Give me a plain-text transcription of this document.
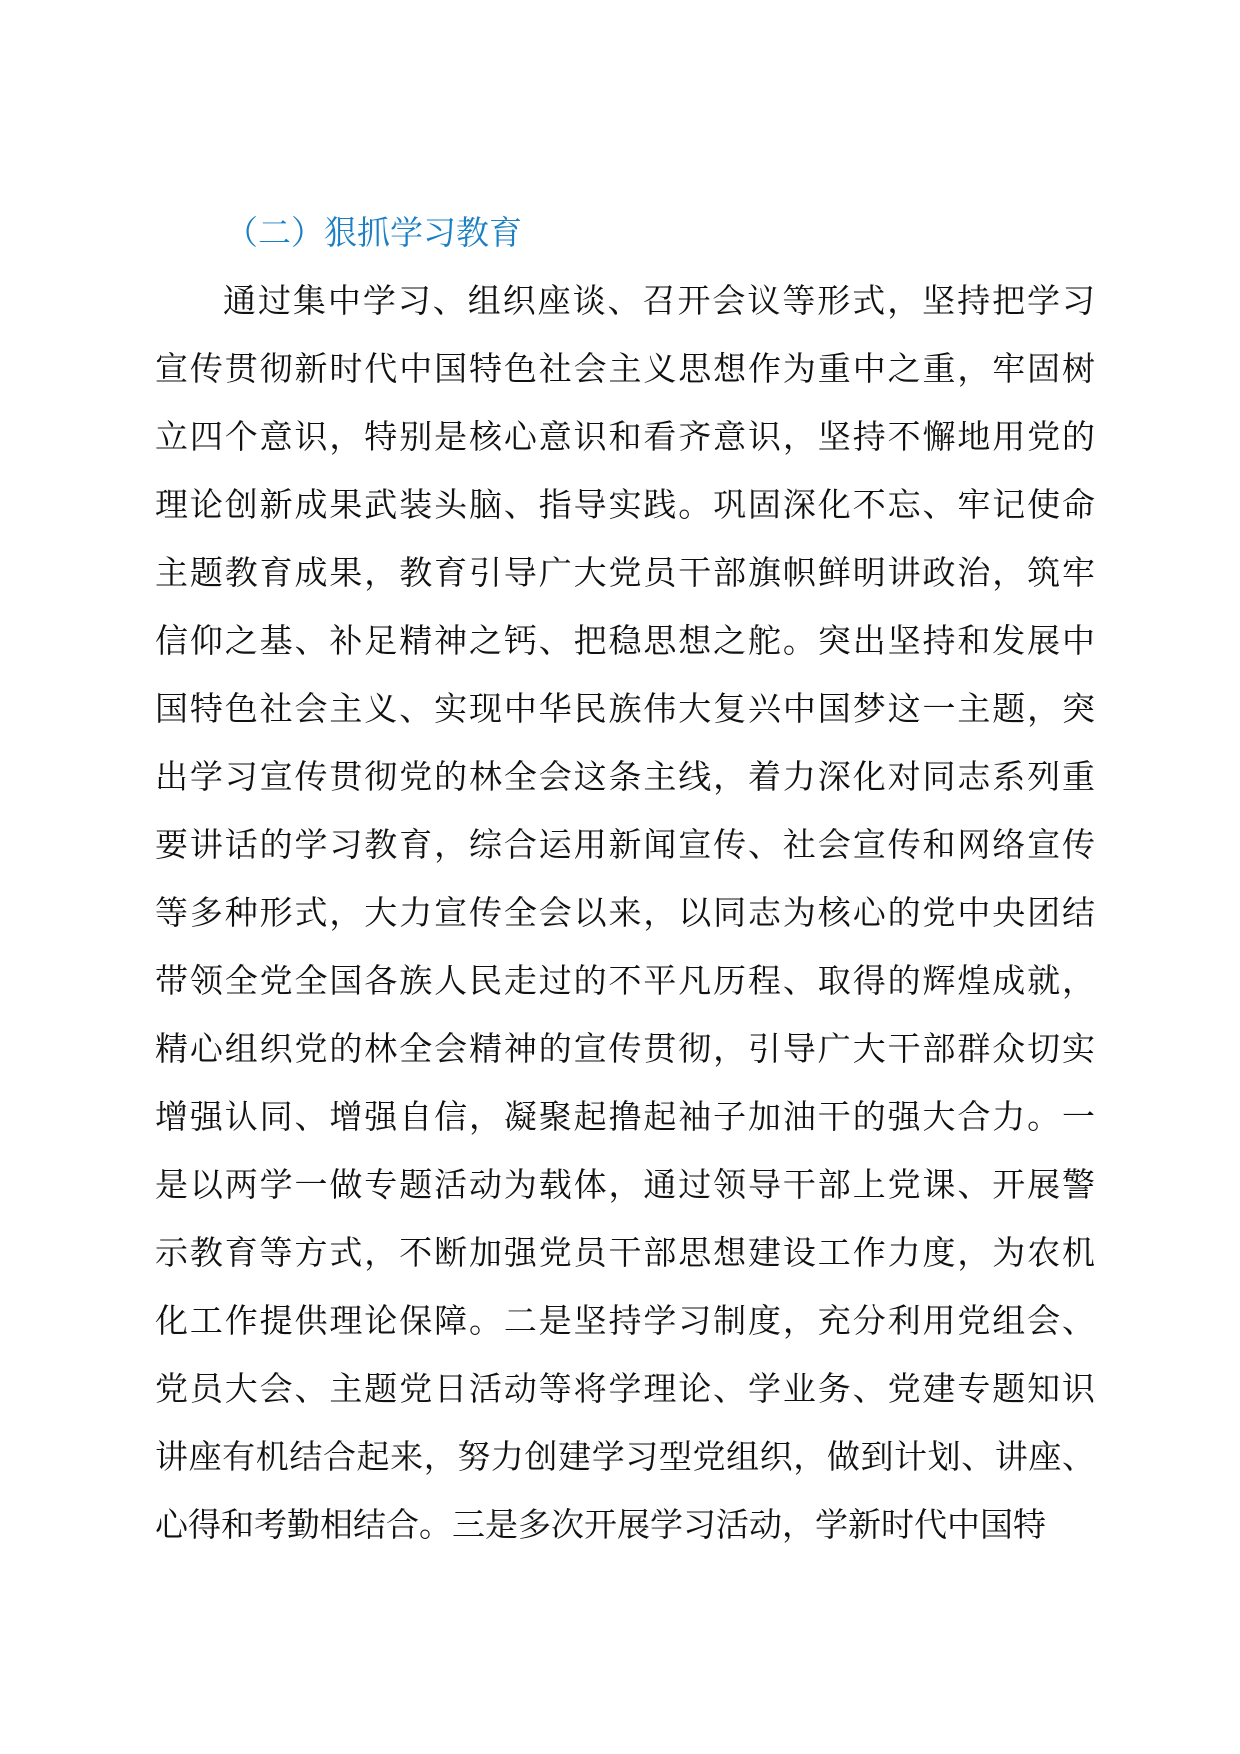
（二）狠抓学习教育
通过集中学习、组织座谈、召开会议等形式，坚持把学习
宣传贯彻新时代中国特色社会主义思想作为重中之重，牢固树
立四个意识，特别是核心意识和看齐意识，坚持不懈地用党的
理论创新成果武装头脑、指导实践。巩固深化不忘、牢记使命
主题教育成果，教育引导广大党员干部旗帜鲜明讲政治，筑牢
信仰之基、补足精神之钙、把稳思想之舵。突出坚持和发展中
国特色社会主义、实现中华民族伟大复兴中国梦这一主题，突
出学习宣传贯彻党的林全会这条主线，着力深化对同志系列重
要讲话的学习教育，综合运用新闻宣传、社会宣传和网络宣传
等多种形式，大力宣传全会以来，以同志为核心的党中央团结
带领全党全国各族人民走过的不平凡历程、取得的辉煌成就，
精心组织党的林全会精神的宣传贯彻，引导广大干部群众切实
增强认同、增强自信，凝聚起撸起袖子加油干的强大合力。一
是以两学一做专题活动为载体，通过领导干部上党课、开展警
示教育等方式，不断加强党员干部思想建设工作力度，为农机
化工作提供理论保障。二是坚持学习制度，充分利用党组会、
党员大会、主题党日活动等将学理论、学业务、党建专题知识
讲座有机结合起来，努力创建学习型党组织，做到计划、讲座、
心得和考勤相结合。三是多次开展学习活动，学新时代中国特
